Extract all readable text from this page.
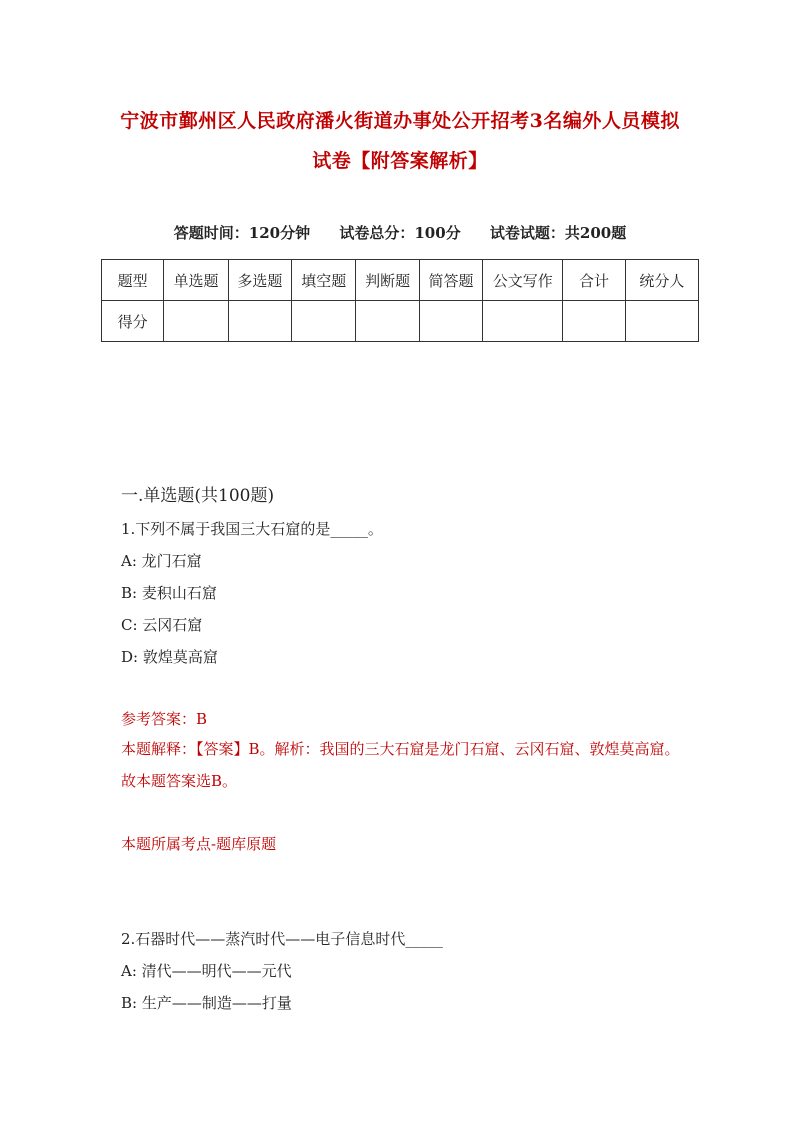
宁波市鄞州区人民政府潘火街道办事处公开招考3名编外人员模拟
试卷【附答案解析】
答题时间：120分钟 试卷总分：100分 试卷试题：共200题
题型	单选题	多选题	填空题	判断题	简答题	公文写作	合计	统分人
得分								
一.单选题(共100题)
1.下列不属于我国三大石窟的是_____。
A: 龙门石窟
B: 麦积山石窟
C: 云冈石窟
D: 敦煌莫高窟
参考答案：B
本题解释：【答案】B。解析：我国的三大石窟是龙门石窟、云冈石窟、敦煌莫高窟。故本题答案选B。
本题所属考点-题库原题
2.石器时代——蒸汽时代——电子信息时代_____
A: 清代——明代——元代
B: 生产——制造——打量
